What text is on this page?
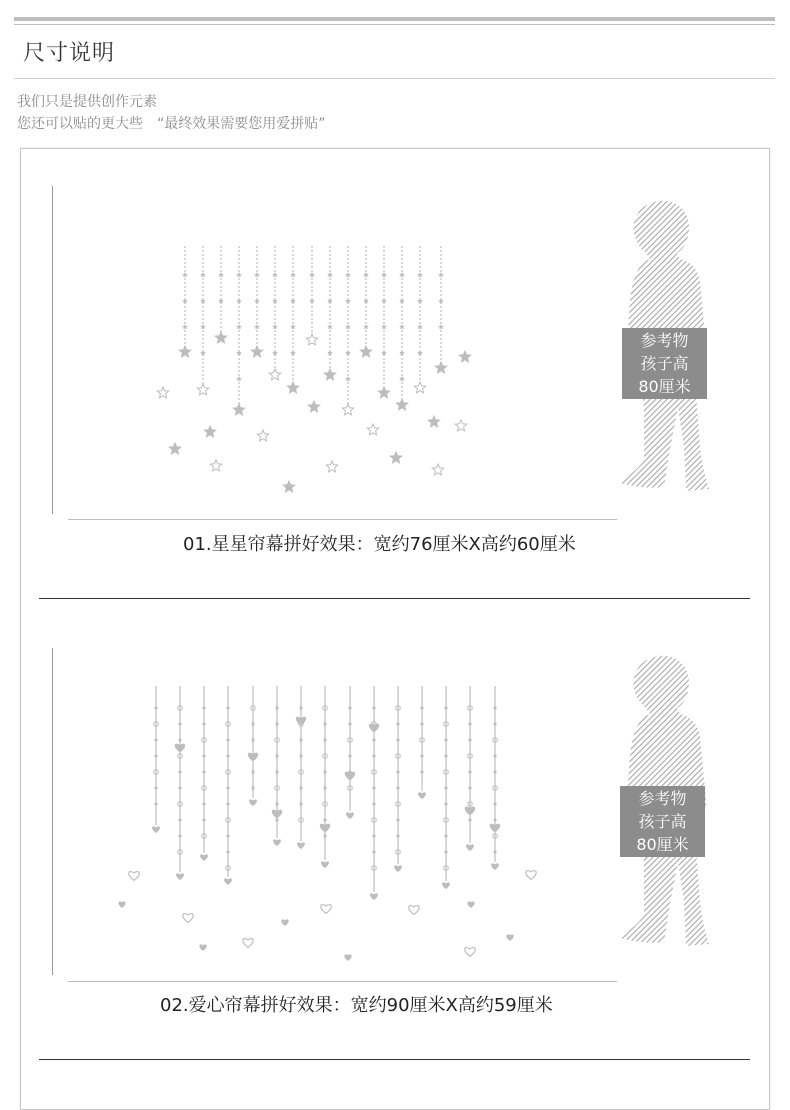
尺寸说明
我们只是提供创作元素
您还可以贴的更大些　“最终效果需要您用爱拼贴”
参考物
孩子高
80厘米
01.星星帘幕拼好效果：宽约76厘米X高约60厘米
参考物
孩子高
80厘米
02.爱心帘幕拼好效果：宽约90厘米X高约59厘米
